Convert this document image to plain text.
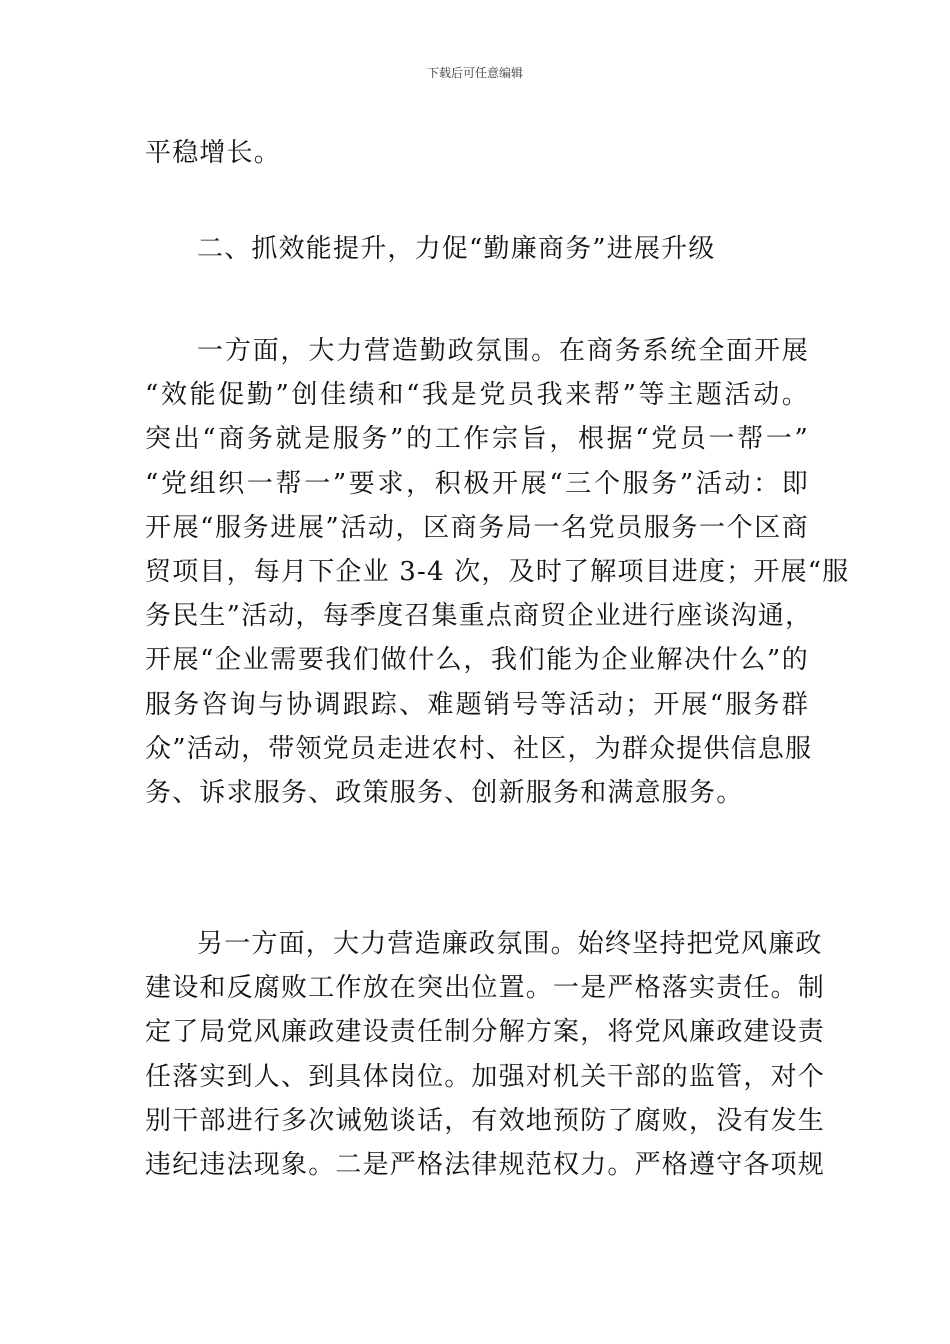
下载后可任意编辑

平稳增长。

二、抓效能提升，力促“勤廉商务”进展升级

一方面，大力营造勤政氛围。在商务系统全面开展
“效能促勤”创佳绩和“我是党员我来帮”等主题活动。
突出“商务就是服务”的工作宗旨，根据“党员一帮一”
“党组织一帮一”要求，积极开展“三个服务”活动：即
开展“服务进展”活动，区商务局一名党员服务一个区商
贸项目，每月下企业 3-4 次，及时了解项目进度；开展“服
务民生”活动，每季度召集重点商贸企业进行座谈沟通，
开展“企业需要我们做什么，我们能为企业解决什么”的
服务咨询与协调跟踪、难题销号等活动；开展“服务群
众”活动，带领党员走进农村、社区，为群众提供信息服
务、诉求服务、政策服务、创新服务和满意服务。

另一方面，大力营造廉政氛围。始终坚持把党风廉政
建设和反腐败工作放在突出位置。一是严格落实责任。制
定了局党风廉政建设责任制分解方案，将党风廉政建设责
任落实到人、到具体岗位。加强对机关干部的监管，对个
别干部进行多次诫勉谈话，有效地预防了腐败，没有发生
违纪违法现象。二是严格法律规范权力。严格遵守各项规
